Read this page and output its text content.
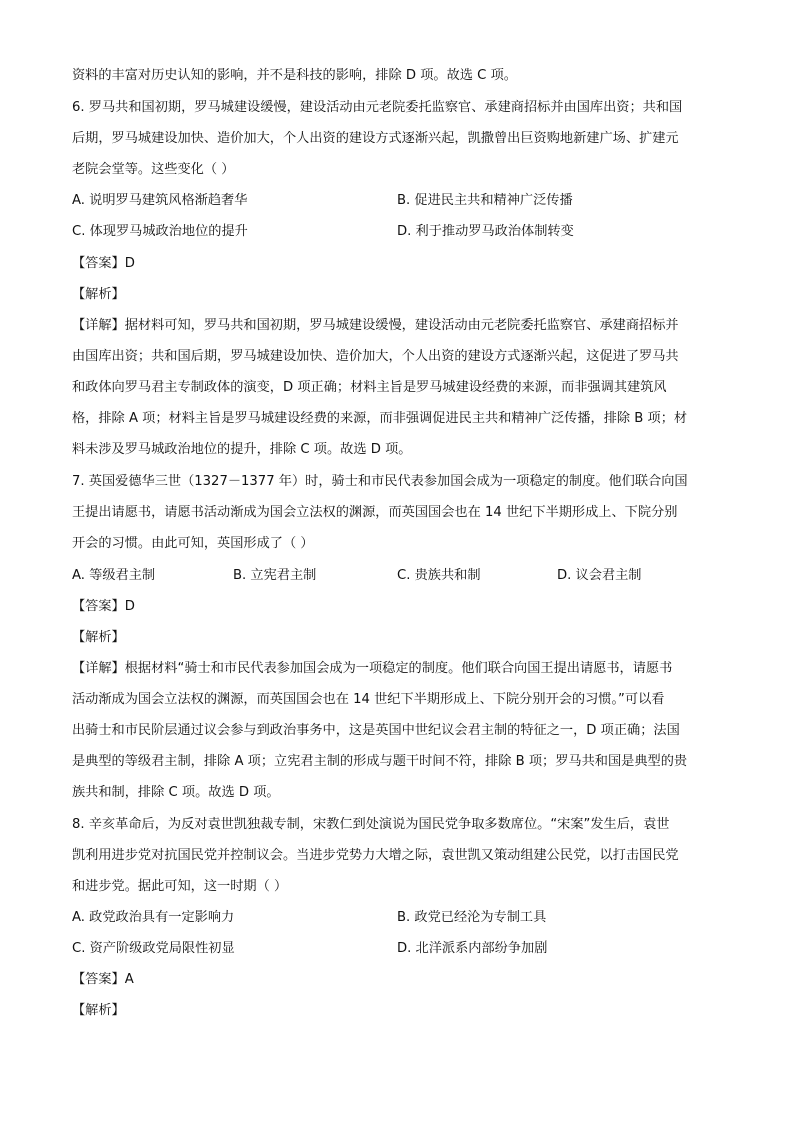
资料的丰富对历史认知的影响，并不是科技的影响，排除 D 项。故选 C 项。
6. 罗马共和国初期，罗马城建设缓慢，建设活动由元老院委托监察官、承建商招标并由国库出资；共和国
后期，罗马城建设加快、造价加大，个人出资的建设方式逐渐兴起，凯撒曾出巨资购地新建广场、扩建元
老院会堂等。这些变化（ ）
A. 说明罗马建筑风格渐趋奢华	B. 促进民主共和精神广泛传播
C. 体现罗马城政治地位的提升	D. 利于推动罗马政治体制转变
【答案】D
【解析】
【详解】据材料可知，罗马共和国初期，罗马城建设缓慢，建设活动由元老院委托监察官、承建商招标并
由国库出资；共和国后期，罗马城建设加快、造价加大，个人出资的建设方式逐渐兴起，这促进了罗马共
和政体向罗马君主专制政体的演变，D 项正确；材料主旨是罗马城建设经费的来源，而非强调其建筑风
格，排除 A 项；材料主旨是罗马城建设经费的来源，而非强调促进民主共和精神广泛传播，排除 B 项；材
料未涉及罗马城政治地位的提升，排除 C 项。故选 D 项。
7. 英国爱德华三世（1327－1377 年）时，骑士和市民代表参加国会成为一项稳定的制度。他们联合向国
王提出请愿书，请愿书活动渐成为国会立法权的渊源，而英国国会也在 14 世纪下半期形成上、下院分别
开会的习惯。由此可知，英国形成了（ ）
A. 等级君主制	B. 立宪君主制	C. 贵族共和制	D. 议会君主制
【答案】D
【解析】
【详解】根据材料“骑士和市民代表参加国会成为一项稳定的制度。他们联合向国王提出请愿书，请愿书
活动渐成为国会立法权的渊源，而英国国会也在 14 世纪下半期形成上、下院分别开会的习惯。”可以看
出骑士和市民阶层通过议会参与到政治事务中，这是英国中世纪议会君主制的特征之一，D 项正确；法国
是典型的等级君主制，排除 A 项；立宪君主制的形成与题干时间不符，排除 B 项；罗马共和国是典型的贵
族共和制，排除 C 项。故选 D 项。
8. 辛亥革命后，为反对袁世凯独裁专制，宋教仁到处演说为国民党争取多数席位。“宋案”发生后，袁世
凯利用进步党对抗国民党并控制议会。当进步党势力大增之际，袁世凯又策动组建公民党，以打击国民党
和进步党。据此可知，这一时期（ ）
A. 政党政治具有一定影响力	B. 政党已经沦为专制工具
C. 资产阶级政党局限性初显	D. 北洋派系内部纷争加剧
【答案】A
【解析】
